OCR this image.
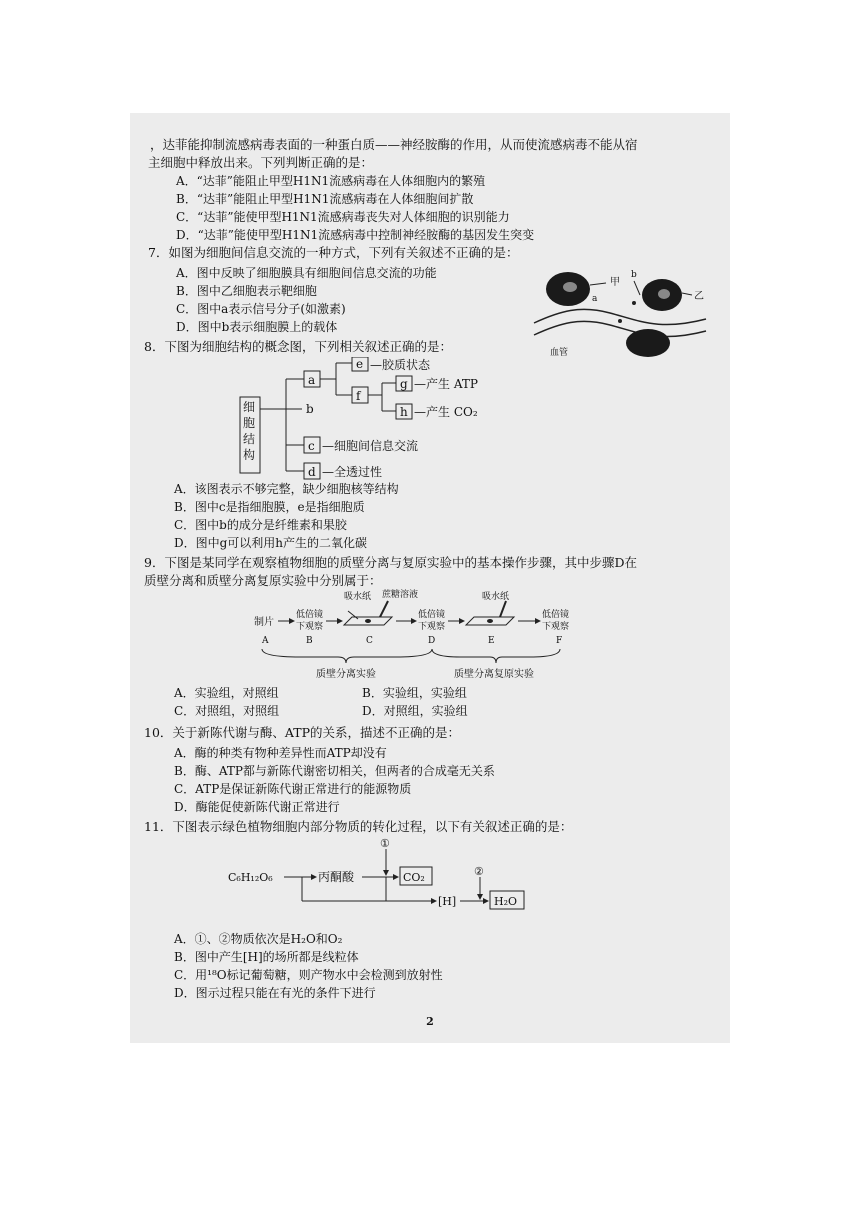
，达菲能抑制流感病毒表面的一种蛋白质——神经胺酶的作用，从而使流感病毒不能从宿
主细胞中释放出来。下列判断正确的是：
A．“达菲”能阻止甲型H1N1流感病毒在人体细胞内的繁殖
B．“达菲”能阻止甲型H1N1流感病毒在人体细胞间扩散
C．“达菲”能使甲型H1N1流感病毒丧失对人体细胞的识别能力
D．“达菲”能使甲型H1N1流感病毒中控制神经胺酶的基因发生突变
7．如图为细胞间信息交流的一种方式，下列有关叙述不正确的是：
A．图中反映了细胞膜具有细胞间信息交流的功能
B．图中乙细胞表示靶细胞
C．图中a表示信号分子(如激素)
D．图中b表示细胞膜上的载体
甲
a
b
乙
血管
8．下图为细胞结构的概念图，下列相关叙述正确的是：
细
胞
结
构
a
b
e —胶质状态
f
g —产生 ATP
h —产生 CO₂
c —细胞间信息交流
d —全透过性
A．该图表示不够完整，缺少细胞核等结构
B．图中c是指细胞膜，e是指细胞质
C．图中b的成分是纤维素和果胶
D．图中g可以利用h产生的二氧化碳
9．下图是某同学在观察植物细胞的质壁分离与复原实验中的基本操作步骤，其中步骤D在
质壁分离和质壁分离复原实验中分别属于：
制片
低倍镜
下观察
吸水纸 蔗糖溶液
低倍镜
下观察
吸水纸
低倍镜
下观察
A	B	C	D	E	F
质壁分离实验	质壁分离复原实验
A．实验组，对照组	B．实验组，实验组
C．对照组，对照组	D．对照组，实验组
10．关于新陈代谢与酶、ATP的关系，描述不正确的是：
A．酶的种类有物种差异性而ATP却没有
B．酶、ATP都与新陈代谢密切相关，但两者的合成毫无关系
C．ATP是保证新陈代谢正常进行的能源物质
D．酶能促使新陈代谢正常进行
11．下图表示绿色植物细胞内部分物质的转化过程，以下有关叙述正确的是：
C₆H₁₂O₆	丙酮酸
①
CO₂
[H]
②
H₂O
A．①、②物质依次是H₂O和O₂
B．图中产生[H]的场所都是线粒体
C．用¹⁸O标记葡萄糖，则产物水中会检测到放射性
D．图示过程只能在有光的条件下进行
2
